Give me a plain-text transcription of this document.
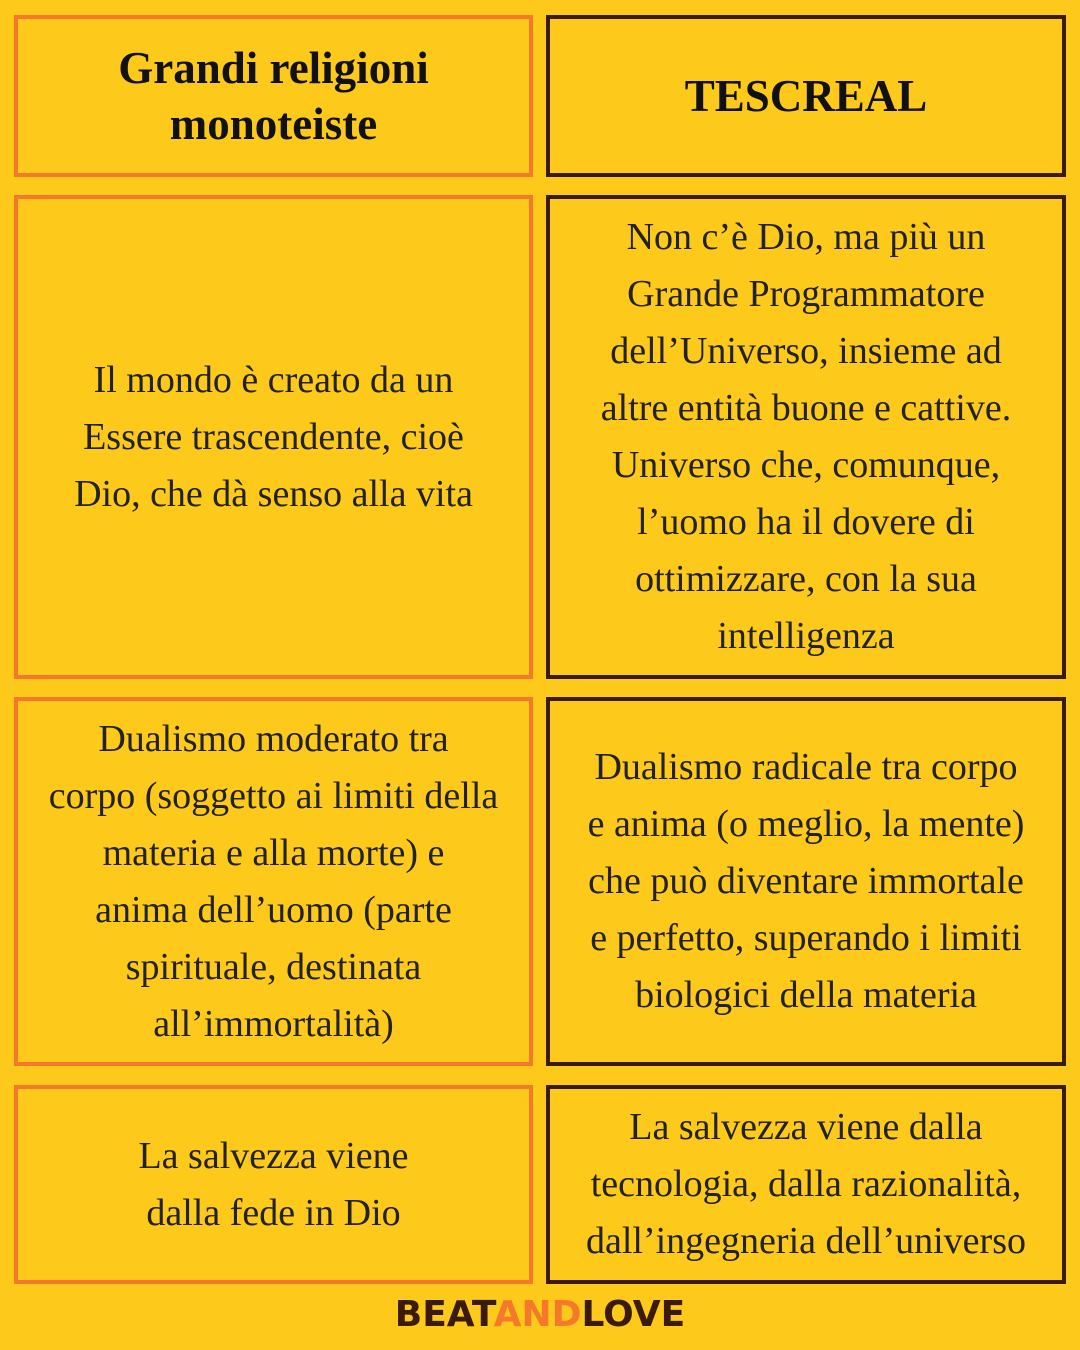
Grandi religioni
monoteiste
TESCREAL
Il mondo è creato da un
Essere trascendente, cioè
Dio, che dà senso alla vita
Non c’è Dio, ma più un
Grande Programmatore
dell’Universo, insieme ad
altre entità buone e cattive.
Universo che, comunque,
l’uomo ha il dovere di
ottimizzare, con la sua
intelligenza
Dualismo moderato tra
corpo (soggetto ai limiti della
materia e alla morte) e
anima dell’uomo (parte
spirituale, destinata
all’immortalità)
Dualismo radicale tra corpo
e anima (o meglio, la mente)
che può diventare immortale
e perfetto, superando i limiti
biologici della materia
La salvezza viene
dalla fede in Dio
La salvezza viene dalla
tecnologia, dalla razionalità,
dall’ingegneria dell’universo
BEATANDLOVE
